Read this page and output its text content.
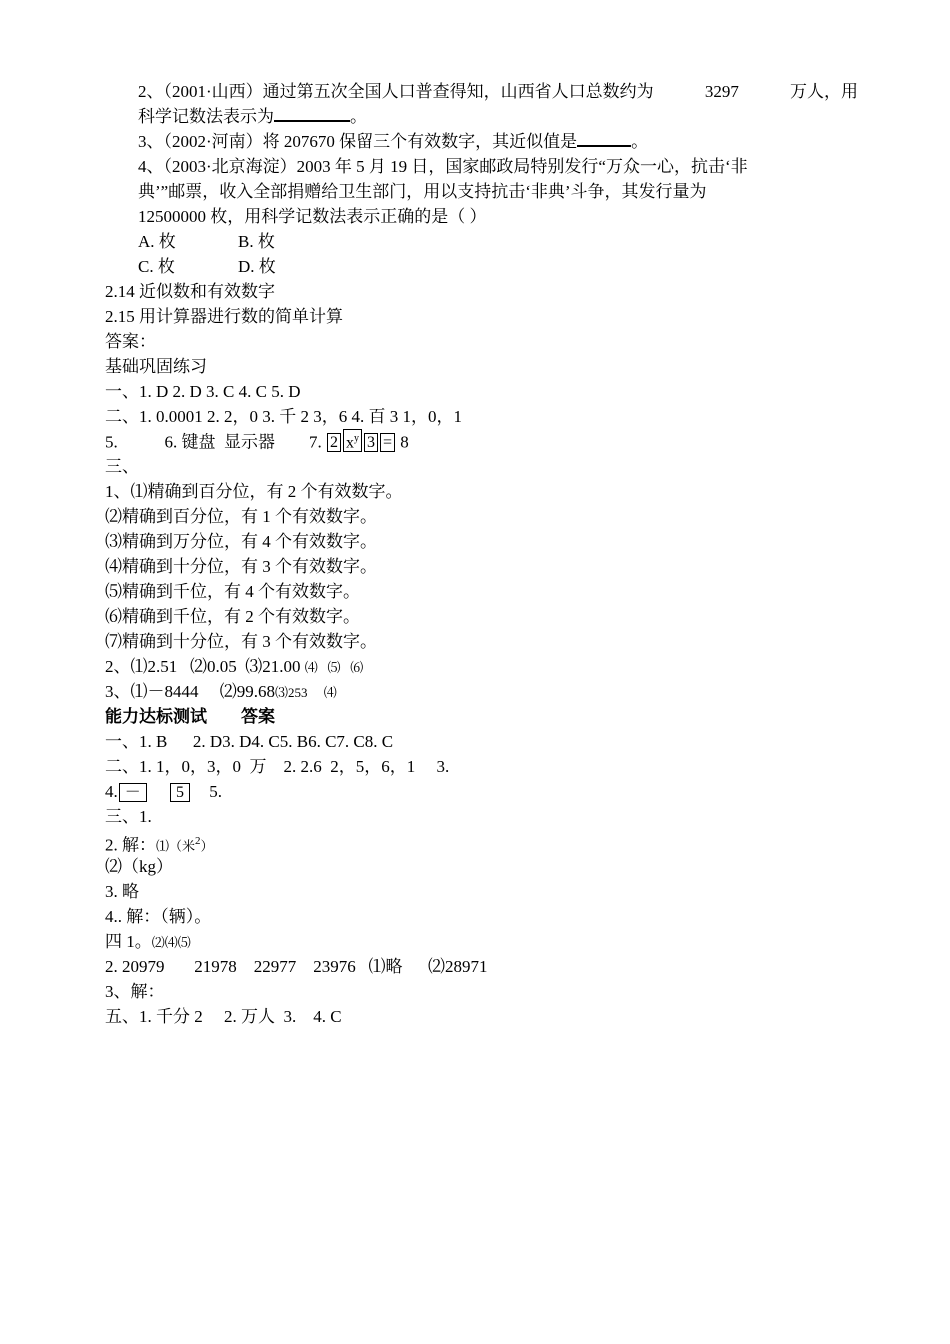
2、（2001·山西）通过第五次全国人口普查得知，山西省人口总数约为	3297	万人，用
科学记数法表示为	。
3、（2002·河南）将 207670 保留三个有效数字，其近似值是	。
4、（2003·北京海淀）2003 年 5 月 19 日，国家邮政局特别发行“万众一心，抗击‘非
典’”邮票，收入全部捐赠给卫生部门，用以支持抗击‘非典’斗争，其发行量为
12500000 枚，用科学记数法表示正确的是（ ）
A. 枚	B. 枚
C. 枚	D. 枚
2.14 近似数和有效数字
2.15 用计算器进行数的简单计算
答案：
基础巩固练习
一、1. D 2. D 3. C 4. C 5. D
二、1. 0.0001 2. 2，0 3. 千 2 3，6 4. 百 3 1，0，1
5.           6. 键盘  显示器        7. 2 $x^y$ 3 = 8
三、
1、⑴精确到百分位，有 2 个有效数字。
⑵精确到百分位，有 1 个有效数字。
⑶精确到万分位，有 4 个有效数字。
⑷精确到十分位，有 3 个有效数字。
⑸精确到千位，有 4 个有效数字。
⑹精确到千位，有 2 个有效数字。
⑺精确到十分位，有 3 个有效数字。
2、⑴2.51   ⑵0.05  ⑶21.00 ⑷   ⑸   ⑹
3、⑴－8444     ⑵99.68⑶253     ⑷
能力达标测试        答案
一、1. B      2. D3. D4. C5. B6. C7. C8. C
二、1. 1，0，3，0  万    2. 2.6  2，5，6，1     3.
4. － 5 5.
三、1.
2. 解：⑴（米$^2$）
⑵（kg）
3. 略
4.. 解：（辆）。
四 1。⑵⑷⑸
2. 20979       21978    22977    23976   ⑴略      ⑵28971
3、解：
五、1. 千分 2     2. 万人  3.    4. C
